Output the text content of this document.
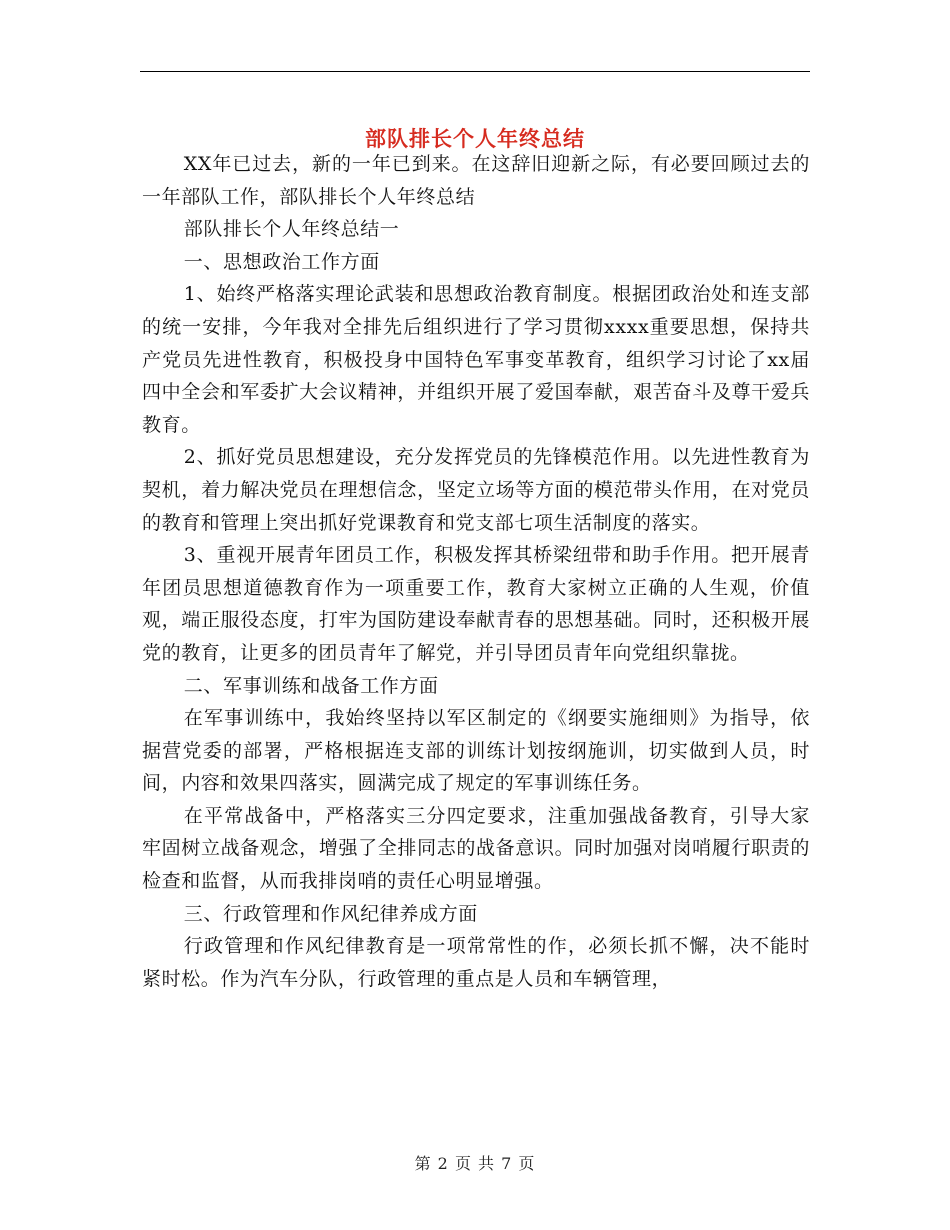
部队排长个人年终总结

XX年已过去，新的一年已到来。在这辞旧迎新之际，有必要回顾过去的一年部队工作，部队排长个人年终总结

部队排长个人年终总结一

一、思想政治工作方面

1、始终严格落实理论武装和思想政治教育制度。根据团政治处和连支部的统一安排，今年我对全排先后组织进行了学习贯彻xxxx重要思想，保持共产党员先进性教育，积极投身中国特色军事变革教育，组织学习讨论了xx届四中全会和军委扩大会议精神，并组织开展了爱国奉献，艰苦奋斗及尊干爱兵教育。

2、抓好党员思想建设，充分发挥党员的先锋模范作用。以先进性教育为契机，着力解决党员在理想信念，坚定立场等方面的模范带头作用，在对党员的教育和管理上突出抓好党课教育和党支部七项生活制度的落实。

3、重视开展青年团员工作，积极发挥其桥梁纽带和助手作用。把开展青年团员思想道德教育作为一项重要工作，教育大家树立正确的人生观，价值观，端正服役态度，打牢为国防建设奉献青春的思想基础。同时，还积极开展党的教育，让更多的团员青年了解党，并引导团员青年向党组织靠拢。

二、军事训练和战备工作方面

在军事训练中，我始终坚持以军区制定的《纲要实施细则》为指导，依据营党委的部署，严格根据连支部的训练计划按纲施训，切实做到人员，时间，内容和效果四落实，圆满完成了规定的军事训练任务。

在平常战备中，严格落实三分四定要求，注重加强战备教育，引导大家牢固树立战备观念，增强了全排同志的战备意识。同时加强对岗哨履行职责的检查和监督，从而我排岗哨的责任心明显增强。

三、行政管理和作风纪律养成方面

行政管理和作风纪律教育是一项常常性的作，必须长抓不懈，决不能时紧时松。作为汽车分队，行政管理的重点是人员和车辆管理，

第 2 页 共 7 页
